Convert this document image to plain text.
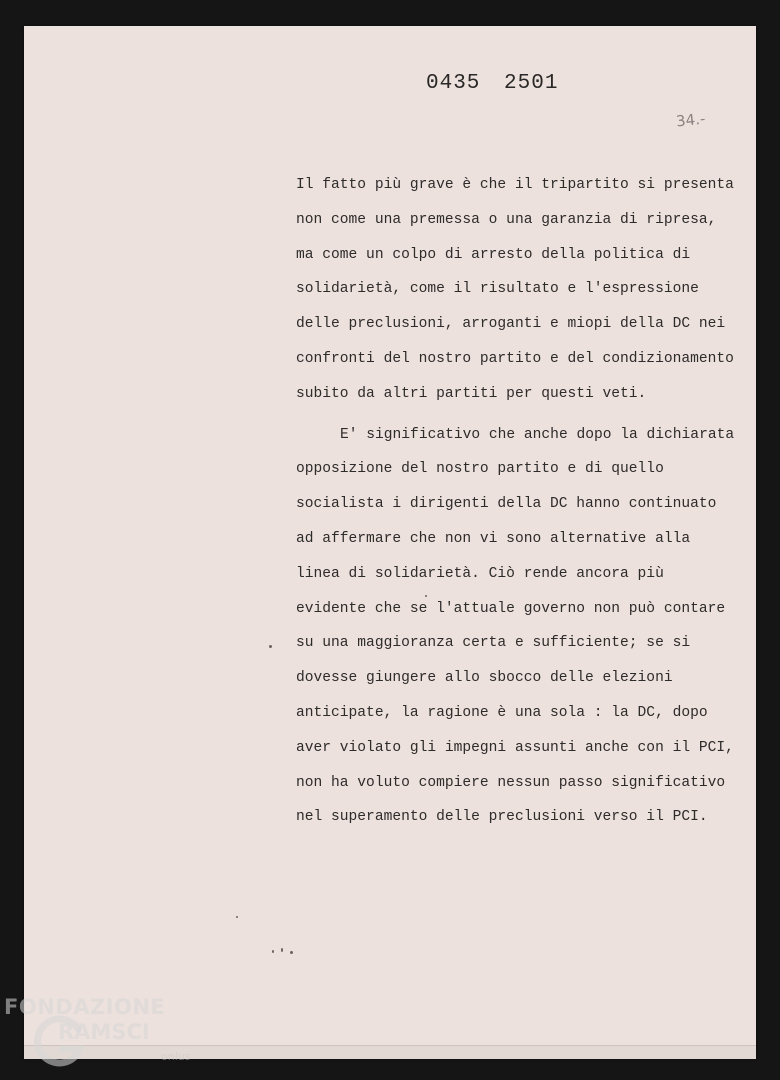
0435 2501
34.-

Il fatto più grave è che il tripartito si presenta non come una premessa o una garanzia di ripresa, ma come un colpo di arresto della politica di solidarietà, come il risultato e l'espressione delle preclusioni, arroganti e miopi della DC nei confronti del nostro partito e del condizionamento subito da altri partiti per questi veti.

E' significativo che anche dopo la dichiarata opposizione del nostro partito e di quello socialista i dirigenti della DC hanno continuato ad affermare che non vi sono alternative alla linea di solidarietà. Ciò rende ancora più evidente che se l'attuale governo non può contare su una maggioranza certa e sufficiente; se si dovesse giungere allo sbocco delle elezioni anticipate, la ragione è una sola : la DC, dopo aver violato gli impegni assunti anche con il PCI, non ha voluto compiere nessun passo significativo nel superamento delle preclusioni verso il PCI.

FONDAZIONE
RAMSCI
onlus
